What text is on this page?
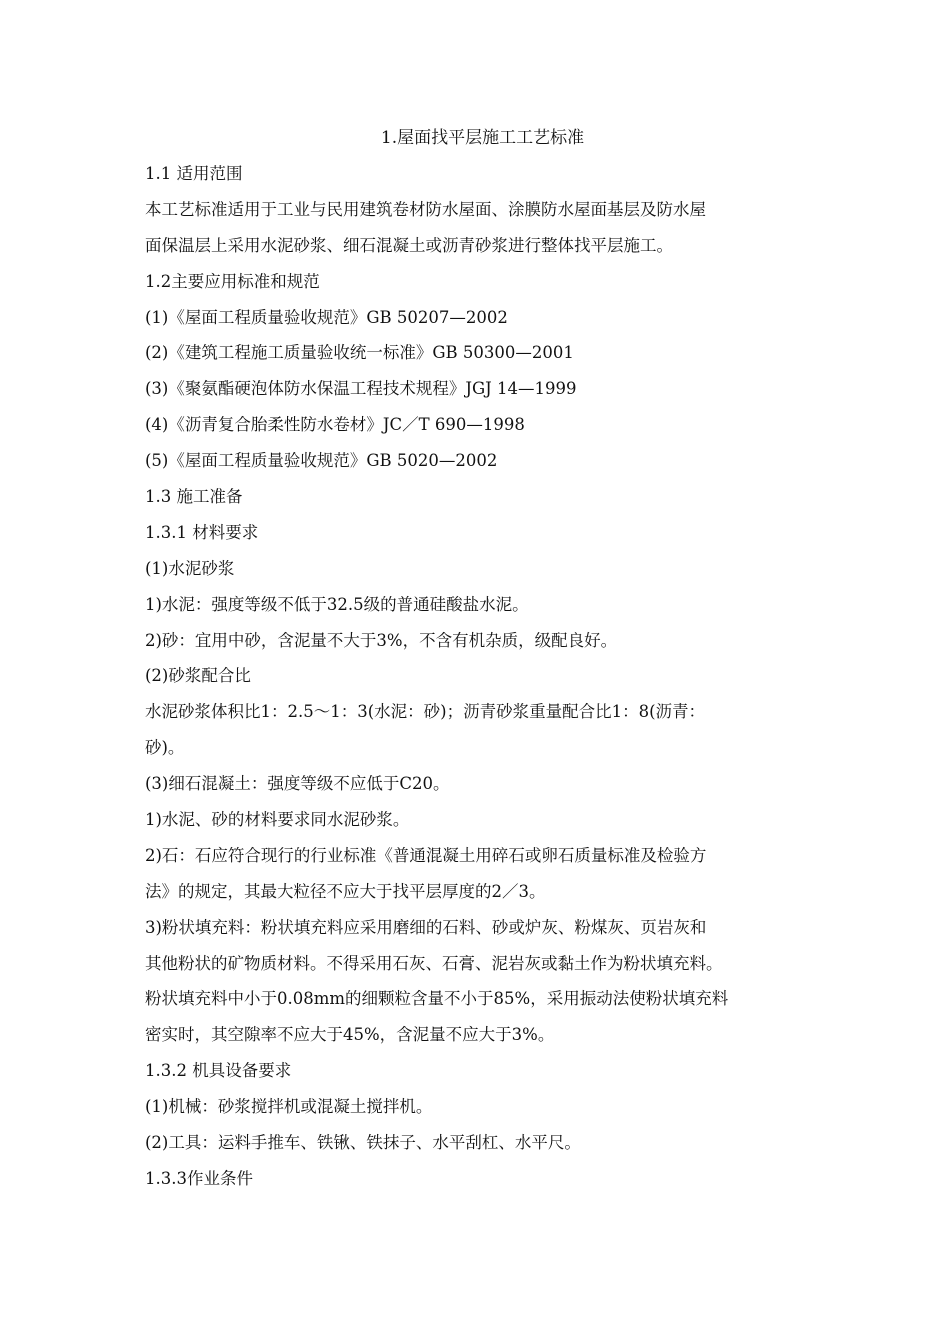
1.屋面找平层施工工艺标准
1.1 适用范围
本工艺标准适用于工业与民用建筑卷材防水屋面、涂膜防水屋面基层及防水屋
面保温层上采用水泥砂浆、细石混凝土或沥青砂浆进行整体找平层施工。
1.2主要应用标准和规范
(1)《屋面工程质量验收规范》GB 50207—2002
(2)《建筑工程施工质量验收统一标准》GB 50300—2001
(3)《聚氨酯硬泡体防水保温工程技术规程》JGJ 14—1999
(4)《沥青复合胎柔性防水卷材》JC／T 690—1998
(5)《屋面工程质量验收规范》GB 5020—2002
1.3 施工准备
1.3.1 材料要求
(1)水泥砂浆
1)水泥：强度等级不低于32.5级的普通硅酸盐水泥。
2)砂：宜用中砂，含泥量不大于3%，不含有机杂质，级配良好。
(2)砂浆配合比
水泥砂浆体积比1：2.5～1：3(水泥：砂)；沥青砂浆重量配合比1：8(沥青：
砂)。
(3)细石混凝土：强度等级不应低于C20。
1)水泥、砂的材料要求同水泥砂浆。
2)石：石应符合现行的行业标准《普通混凝土用碎石或卵石质量标准及检验方
法》的规定，其最大粒径不应大于找平层厚度的2／3。
3)粉状填充料：粉状填充料应采用磨细的石料、砂或炉灰、粉煤灰、页岩灰和
其他粉状的矿物质材料。不得采用石灰、石膏、泥岩灰或黏土作为粉状填充料。
粉状填充料中小于0.08mm的细颗粒含量不小于85%，采用振动法使粉状填充料
密实时，其空隙率不应大于45%，含泥量不应大于3%。
1.3.2 机具设备要求
(1)机械：砂浆搅拌机或混凝土搅拌机。
(2)工具：运料手推车、铁锹、铁抹子、水平刮杠、水平尺。
1.3.3作业条件
